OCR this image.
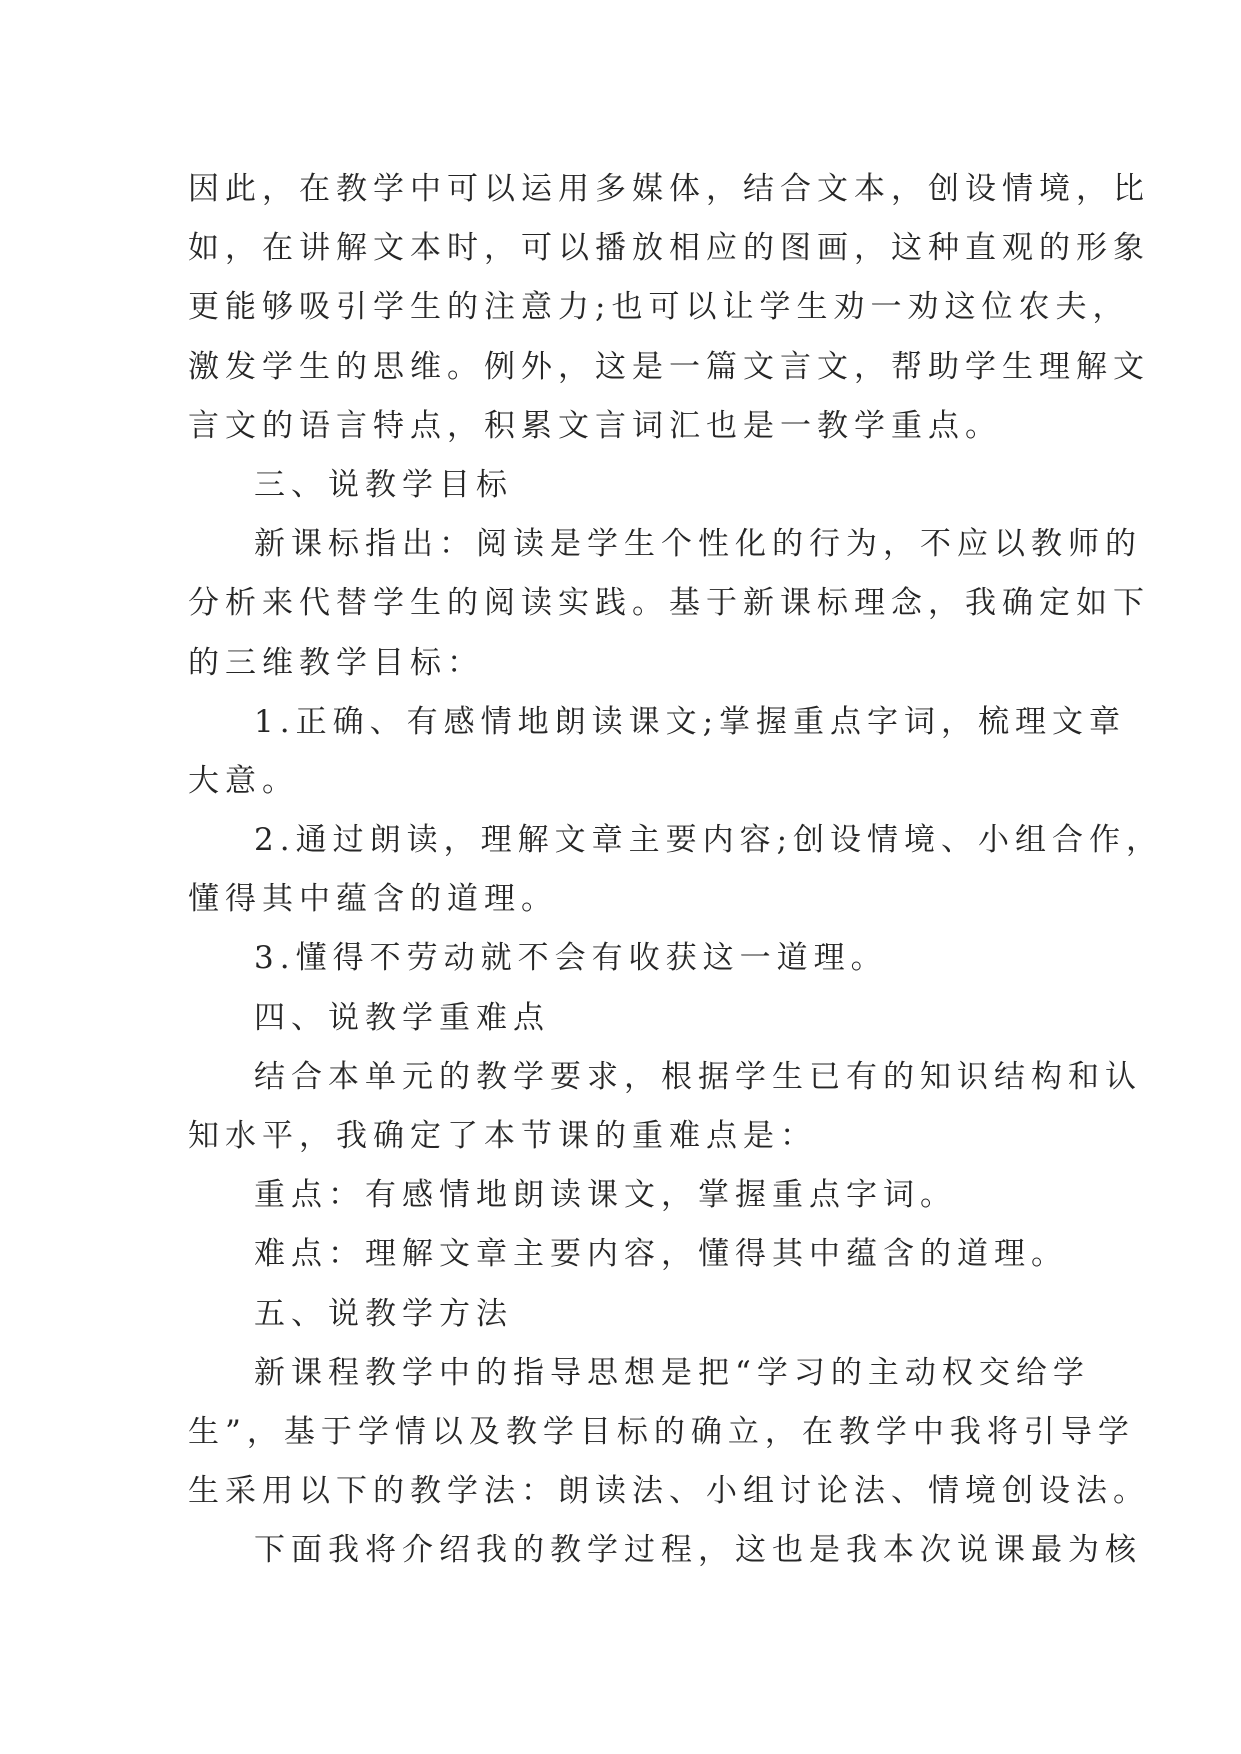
因此，在教学中可以运用多媒体，结合文本，创设情境，比
如，在讲解文本时，可以播放相应的图画，这种直观的形象
更能够吸引学生的注意力;也可以让学生劝一劝这位农夫，
激发学生的思维。例外，这是一篇文言文，帮助学生理解文
言文的语言特点，积累文言词汇也是一教学重点。
三、说教学目标
新课标指出：阅读是学生个性化的行为，不应以教师的
分析来代替学生的阅读实践。基于新课标理念，我确定如下
的三维教学目标：
1.正确、有感情地朗读课文;掌握重点字词，梳理文章
大意。
2.通过朗读，理解文章主要内容;创设情境、小组合作，
懂得其中蕴含的道理。
3.懂得不劳动就不会有收获这一道理。
四、说教学重难点
结合本单元的教学要求，根据学生已有的知识结构和认
知水平，我确定了本节课的重难点是：
重点：有感情地朗读课文，掌握重点字词。
难点：理解文章主要内容，懂得其中蕴含的道理。
五、说教学方法
新课程教学中的指导思想是把“学习的主动权交给学
生”，基于学情以及教学目标的确立，在教学中我将引导学
生采用以下的教学法：朗读法、小组讨论法、情境创设法。
下面我将介绍我的教学过程，这也是我本次说课最为核
